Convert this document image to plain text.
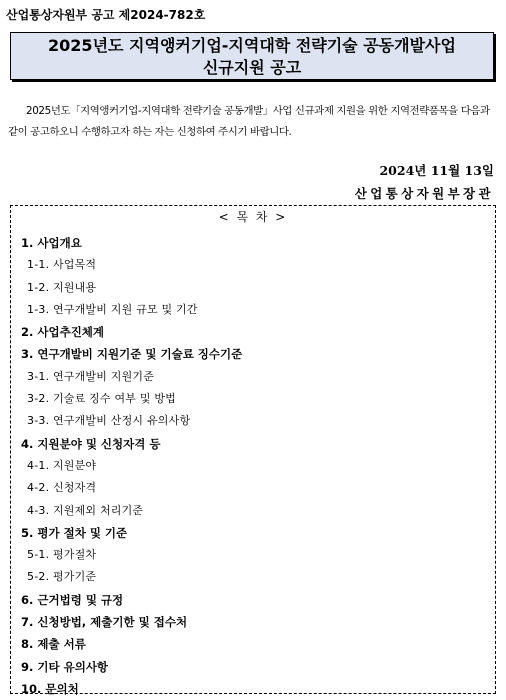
산업통상자원부 공고 제2024-782호
2025년도 지역앵커기업-지역대학 전략기술 공동개발사업
신규지원 공고
2025년도「지역앵커기업-지역대학 전략기술 공동개발」사업 신규과제 지원을 위한 지역전략품목을 다음과 같이 공고하오니 수행하고자 하는 자는 신청하여 주시기 바랍니다.
2024년 11월 13일
산업통상자원부장관
< 목 차 >
1. 사업개요
1-1. 사업목적
1-2. 지원내용
1-3. 연구개발비 지원 규모 및 기간
2. 사업추진체계
3. 연구개발비 지원기준 및 기술료 징수기준
3-1. 연구개발비 지원기준
3-2. 기술료 징수 여부 및 방법
3-3. 연구개발비 산정시 유의사항
4. 지원분야 및 신청자격 등
4-1. 지원분야
4-2. 신청자격
4-3. 지원제외 처리기준
5. 평가 절차 및 기준
5-1. 평가절차
5-2. 평가기준
6. 근거법령 및 규정
7. 신청방법, 제출기한 및 접수처
8. 제출 서류
9. 기타 유의사항
10. 문의처
